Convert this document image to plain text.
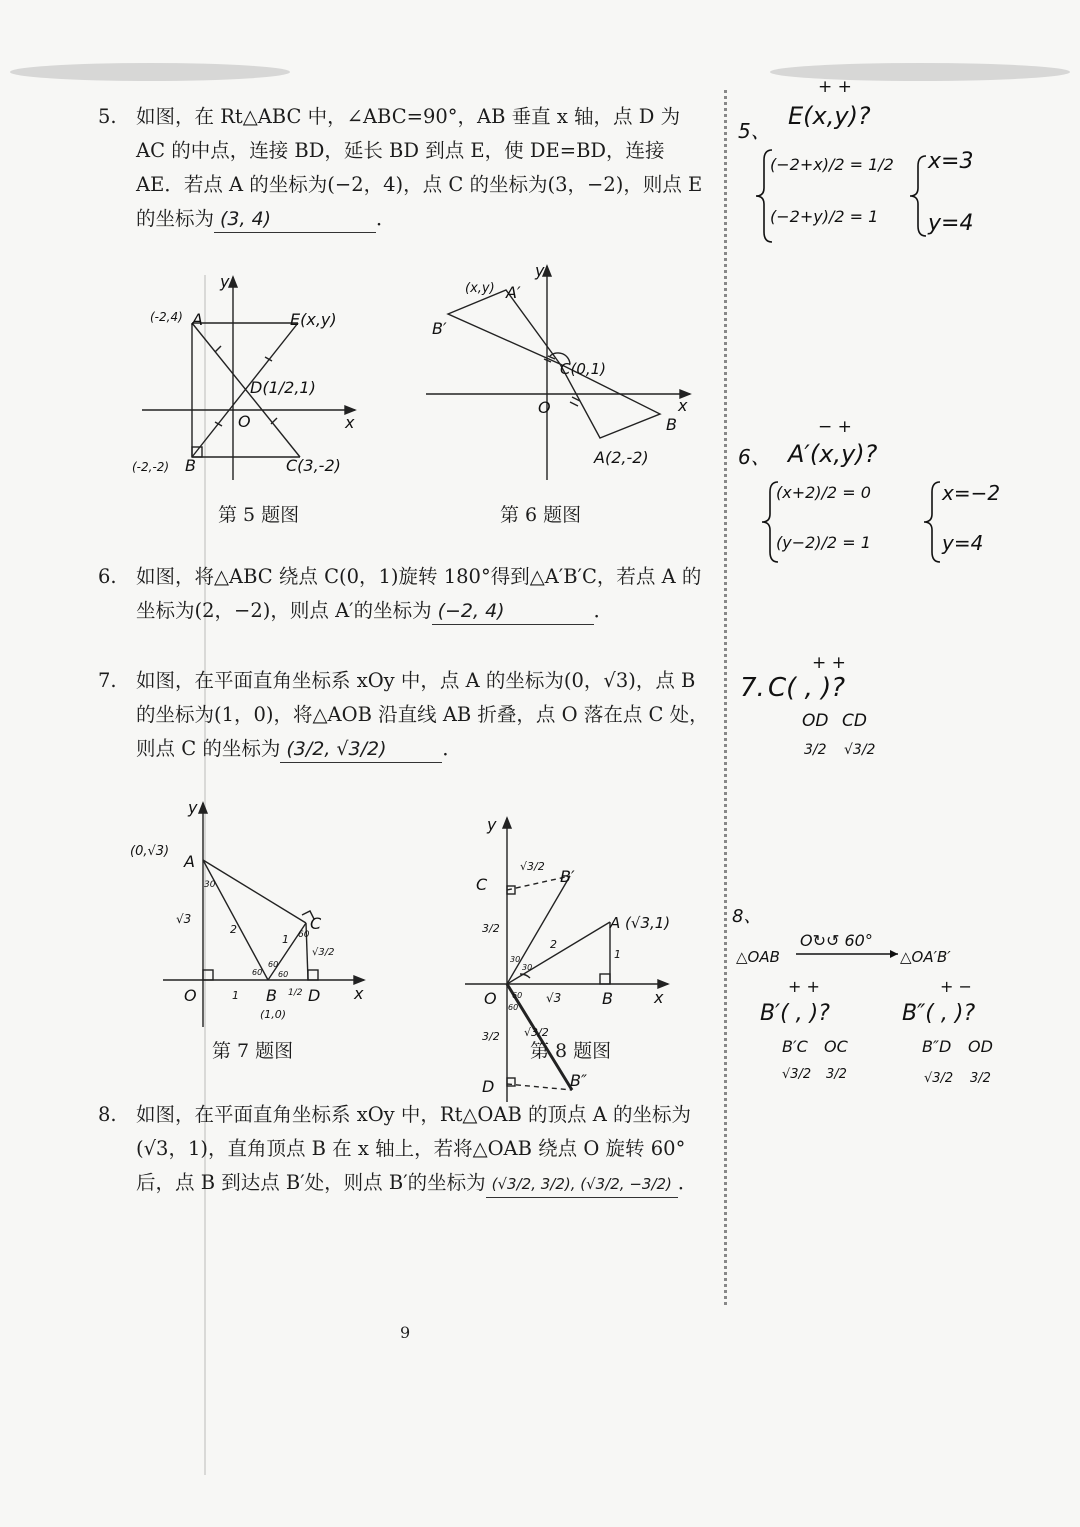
5. 如图，在 Rt△ABC 中，∠ABC=90°，AB 垂直 x 轴，点 D 为 AC 的中点，连接 BD，延长 BD 到点 E，使 DE=BD，连接 AE．若点 A 的坐标为(−2，4)，点 C 的坐标为(3，−2)，则点 E 的坐标为 (3, 4)	．
y
x
O
A
(-2,4)	E(x,y)
D(1/2,1)
B
(-2,-2)	C(3,-2)
第 5 题图
y
x
O
A′
(x,y)
B′
C(0,1)
B
A(2,-2)
第 6 题图
6. 如图，将△ABC 绕点 C(0，1)旋转 180°得到△A′B′C，若点 A 的坐标为(2，−2)，则点 A′的坐标为 (−2, 4)	．
7. 如图，在平面直角坐标系 xOy 中，点 A 的坐标为(0，√3)，点 B 的坐标为(1，0)，将△AOB 沿直线 AB 折叠，点 O 落在点 C 处，则点 C 的坐标为 (3/2, √3/2)	．
y
x
O
A
(0,√3)
B
(1,0)
C
D
√3
1
2
1
√3/2
1/2
30
60
60
60
60
第 7 题图
y
x
O
A (√3,1)
B
√3
1
2
B′
B″
C
D
√3/2
3/2
√3/2
3/2
30
30
60
60
第 8 题图
8. 如图，在平面直角坐标系 xOy 中，Rt△OAB 的顶点 A 的坐标为(√3，1)，直角顶点 B 在 x 轴上，若将△OAB 绕点 O 旋转 60°后，点 B 到达点 B′处，则点 B′的坐标为 (√3/2, 3/2), (√3/2, −3/2) ．
+ +
E(x,y)?
5、
(−2+x)/2 = 1/2
(−2+y)/2 = 1
x=3
y=4
− +
A′(x,y)?
6、
(x+2)/2 = 0
(y−2)/2 = 1
x=−2
y=4
+ +
7. C( , )?
OD CD
3/2 √3/2
8、
△OAB
O↻↺ 60°
△OA′B′
+ +
B′( , )?
+ −
B″( , )?
B′C OC
√3/2 3/2
B″D OD
√3/2 3/2
9
